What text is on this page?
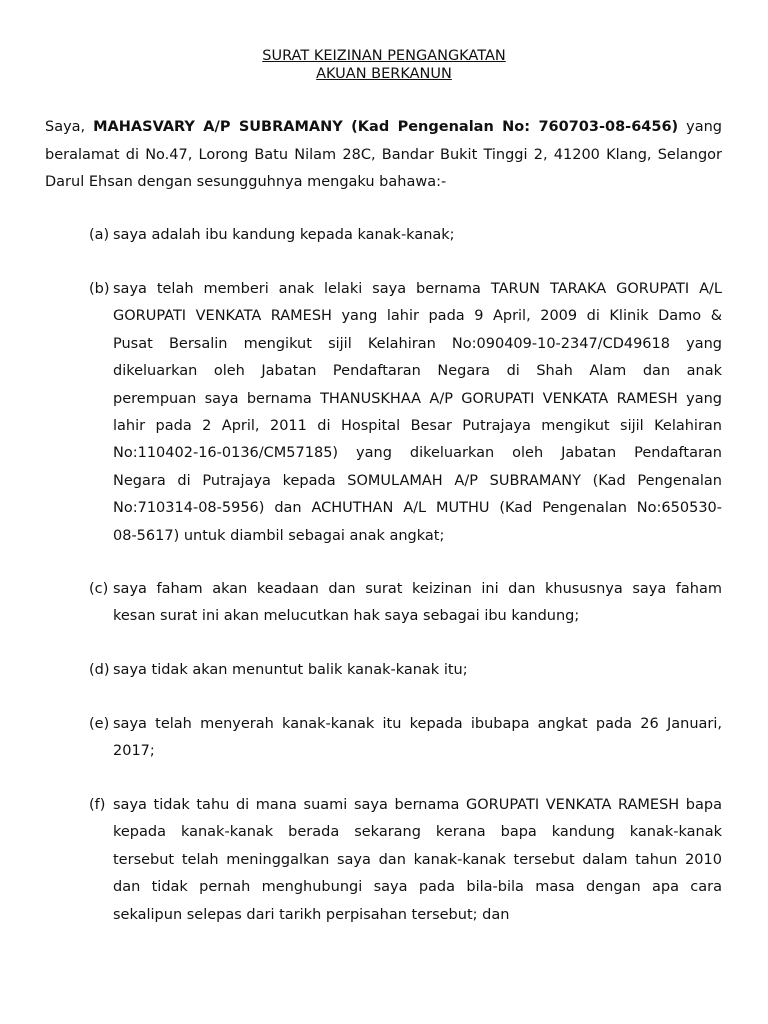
SURAT KEIZINAN PENGANGKATAN
AKUAN BERKANUN
Saya, MAHASVARY A/P SUBRAMANY (Kad Pengenalan No: 760703-08-6456) yang beralamat di No.47, Lorong Batu Nilam 28C, Bandar Bukit Tinggi 2, 41200 Klang, Selangor Darul Ehsan dengan sesungguhnya mengaku bahawa:-
(a) saya adalah ibu kandung kepada kanak-kanak;
(b) saya telah memberi anak lelaki saya bernama TARUN TARAKA GORUPATI A/L
GORUPATI VENKATA RAMESH yang lahir pada 9 April, 2009 di Klinik Damo &
Pusat Bersalin mengikut sijil Kelahiran No:090409-10-2347/CD49618 yang
dikeluarkan oleh Jabatan Pendaftaran Negara di Shah Alam dan anak
perempuan saya bernama THANUSKHAA A/P GORUPATI VENKATA RAMESH yang
lahir pada 2 April, 2011 di Hospital Besar Putrajaya mengikut sijil Kelahiran
No:110402-16-0136/CM57185) yang dikeluarkan oleh Jabatan Pendaftaran
Negara di Putrajaya kepada SOMULAMAH A/P SUBRAMANY (Kad Pengenalan
No:710314-08-5956) dan ACHUTHAN A/L MUTHU (Kad Pengenalan No:650530-
08-5617) untuk diambil sebagai anak angkat;
(c) saya faham akan keadaan dan surat keizinan ini dan khususnya saya faham
kesan surat ini akan melucutkan hak saya sebagai ibu kandung;
(d) saya tidak akan menuntut balik kanak-kanak itu;
(e) saya telah menyerah kanak-kanak itu kepada ibubapa angkat pada 26 Januari,
2017;
(f) saya tidak tahu di mana suami saya bernama GORUPATI VENKATA RAMESH bapa
kepada kanak-kanak berada sekarang kerana bapa kandung kanak-kanak
tersebut telah meninggalkan saya dan kanak-kanak tersebut dalam tahun 2010
dan tidak pernah menghubungi saya pada bila-bila masa dengan apa cara
sekalipun selepas dari tarikh perpisahan tersebut; dan
